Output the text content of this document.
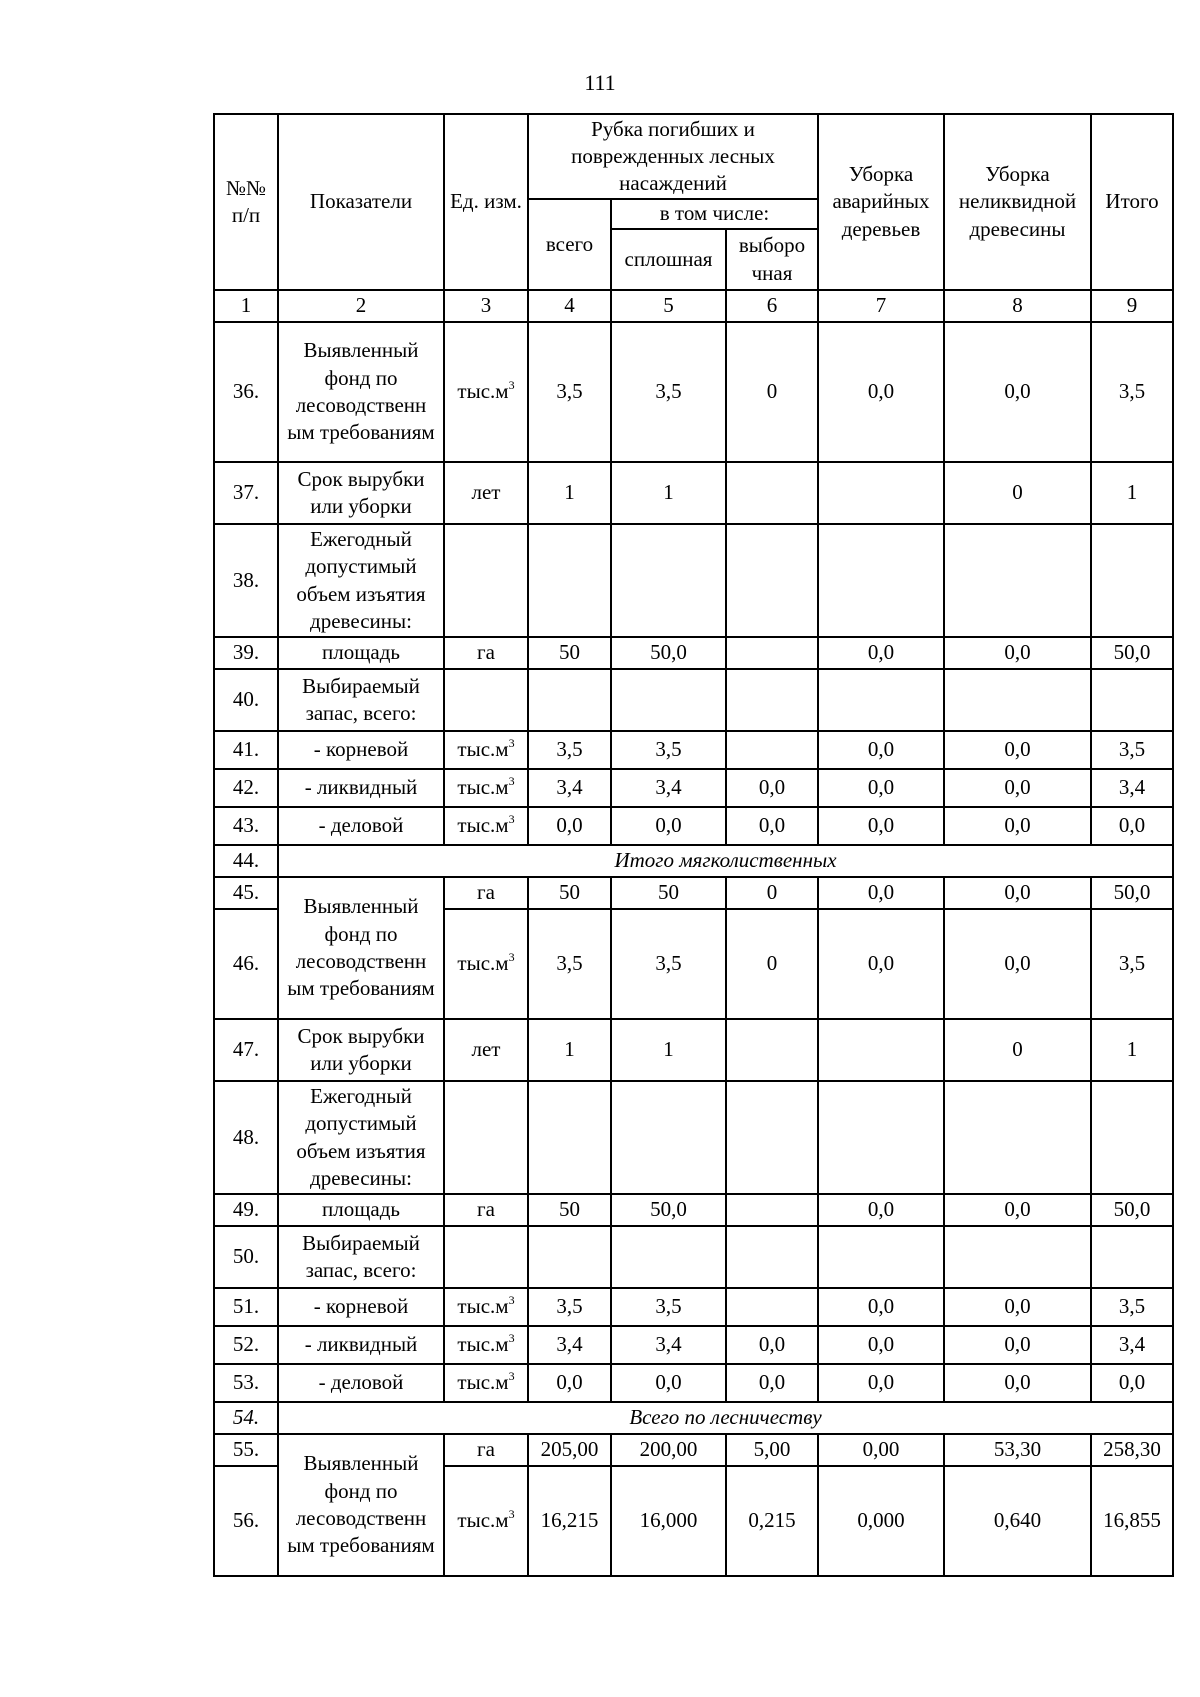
111
№№ п/п	Показатели	Ед. изм.	Рубка погибших и поврежденных лесных насаждений			Уборка аварийных деревьев	Уборка неликвидной древесины	Итого
			всего	в том числе:				
				сплошная	выборо чная			
1	2	3	4	5	6	7	8	9
36.	Выявленный фонд по лесоводственн ым требованиям	$тыс.м^3$	3,5	3,5	0	0,0	0,0	3,5
37.	Срок вырубки или уборки	лет	1	1			0	1
38.	Ежегодный допустимый объем изъятия древесины:							
39.	площадь	га	50	50,0		0,0	0,0	50,0
40.	Выбираемый запас, всего:							
41.	- корневой	$тыс.м^3$	3,5	3,5		0,0	0,0	3,5
42.	- ликвидный	$тыс.м^3$	3,4	3,4	0,0	0,0	0,0	3,4
43.	- деловой	$тыс.м^3$	0,0	0,0	0,0	0,0	0,0	0,0
44.	Итого мягколиственных							
45.	Выявленный фонд по лесоводственн ым требованиям	га	50	50	0	0,0	0,0	50,0
46.		$тыс.м^3$	3,5	3,5	0	0,0	0,0	3,5
47.	Срок вырубки или уборки	лет	1	1			0	1
48.	Ежегодный допустимый объем изъятия древесины:							
49.	площадь	га	50	50,0		0,0	0,0	50,0
50.	Выбираемый запас, всего:							
51.	- корневой	$тыс.м^3$	3,5	3,5		0,0	0,0	3,5
52.	- ликвидный	$тыс.м^3$	3,4	3,4	0,0	0,0	0,0	3,4
53.	- деловой	$тыс.м^3$	0,0	0,0	0,0	0,0	0,0	0,0
54.	Всего по лесничеству							
55.	Выявленный фонд по лесоводственн ым требованиям	га	205,00	200,00	5,00	0,00	53,30	258,30
56.		$тыс.м^3$	16,215	16,000	0,215	0,000	0,640	16,855
